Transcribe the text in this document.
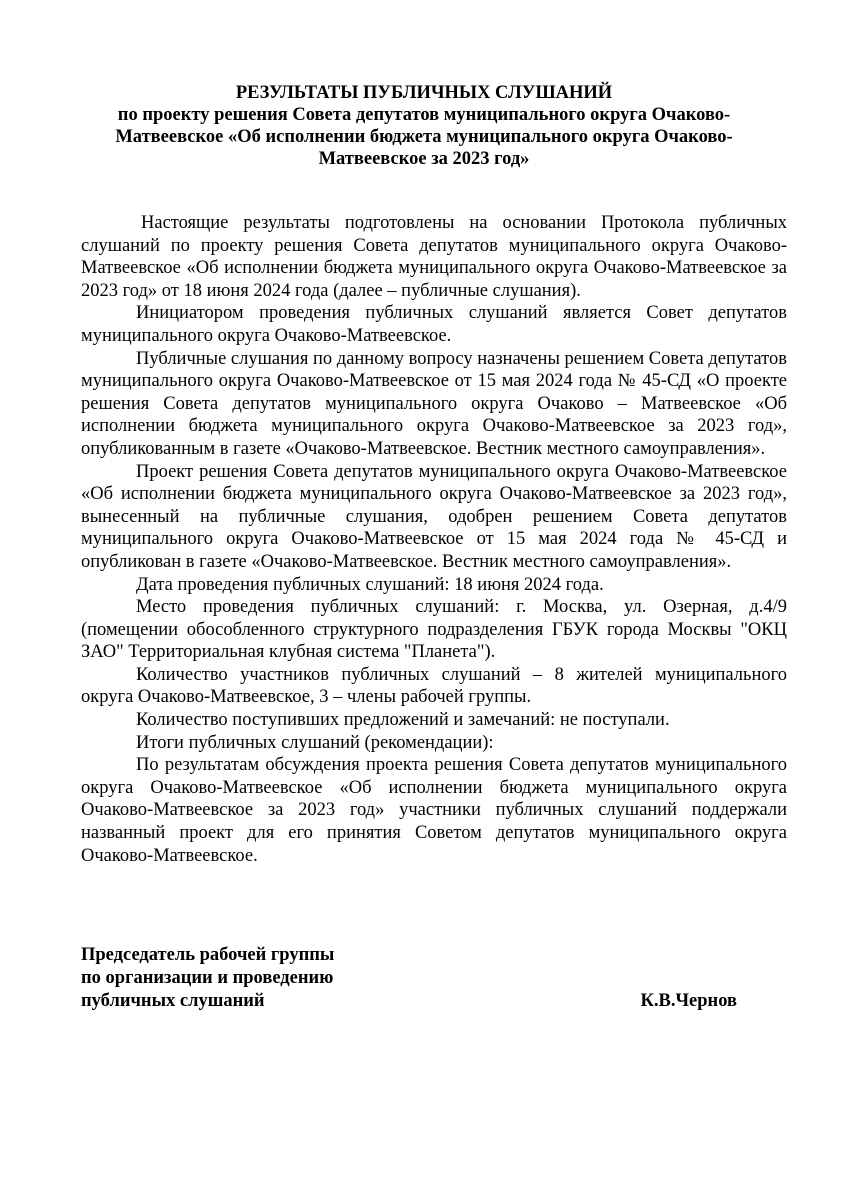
РЕЗУЛЬТАТЫ ПУБЛИЧНЫХ СЛУШАНИЙ
по проекту решения Совета депутатов муниципального округа Очаково-
Матвеевское «Об исполнении бюджета муниципального округа Очаково-
Матвеевское за 2023 год»

Настоящие результаты подготовлены на основании Протокола публичных слушаний по проекту решения Совета депутатов муниципального округа Очаково-Матвеевское «Об исполнении бюджета муниципального округа Очаково-Матвеевское за 2023 год» от 18 июня 2024 года (далее – публичные слушания).

Инициатором проведения публичных слушаний является Совет депутатов муниципального округа Очаково-Матвеевское.

Публичные слушания по данному вопросу назначены решением Совета депутатов муниципального округа Очаково-Матвеевское от 15 мая 2024 года № 45-СД «О проекте решения Совета депутатов муниципального округа Очаково – Матвеевское «Об исполнении бюджета муниципального округа Очаково-Матвеевское за 2023 год», опубликованным в газете «Очаково-Матвеевское. Вестник местного самоуправления».

Проект решения Совета депутатов муниципального округа Очаково-Матвеевское «Об исполнении бюджета муниципального округа Очаково-Матвеевское за 2023 год», вынесенный на публичные слушания, одобрен решением Совета депутатов муниципального округа Очаково-Матвеевское от 15 мая 2024 года № 45-СД и опубликован в газете «Очаково-Матвеевское. Вестник местного самоуправления».

Дата проведения публичных слушаний: 18 июня 2024 года.

Место проведения публичных слушаний: г. Москва, ул. Озерная, д.4/9 (помещении обособленного структурного подразделения ГБУК города Москвы "ОКЦ ЗАО" Территориальная клубная система "Планета").

Количество участников публичных слушаний – 8 жителей муниципального округа Очаково-Матвеевское, 3 – члены рабочей группы.

Количество поступивших предложений и замечаний: не поступали.

Итоги публичных слушаний (рекомендации):

По результатам обсуждения проекта решения Совета депутатов муниципального округа Очаково-Матвеевское «Об исполнении бюджета муниципального округа Очаково-Матвеевское за 2023 год» участники публичных слушаний поддержали названный проект для его принятия Советом депутатов муниципального округа Очаково-Матвеевское.

Председатель рабочей группы
по организации и проведению
публичных слушаний	К.В.Чернов
